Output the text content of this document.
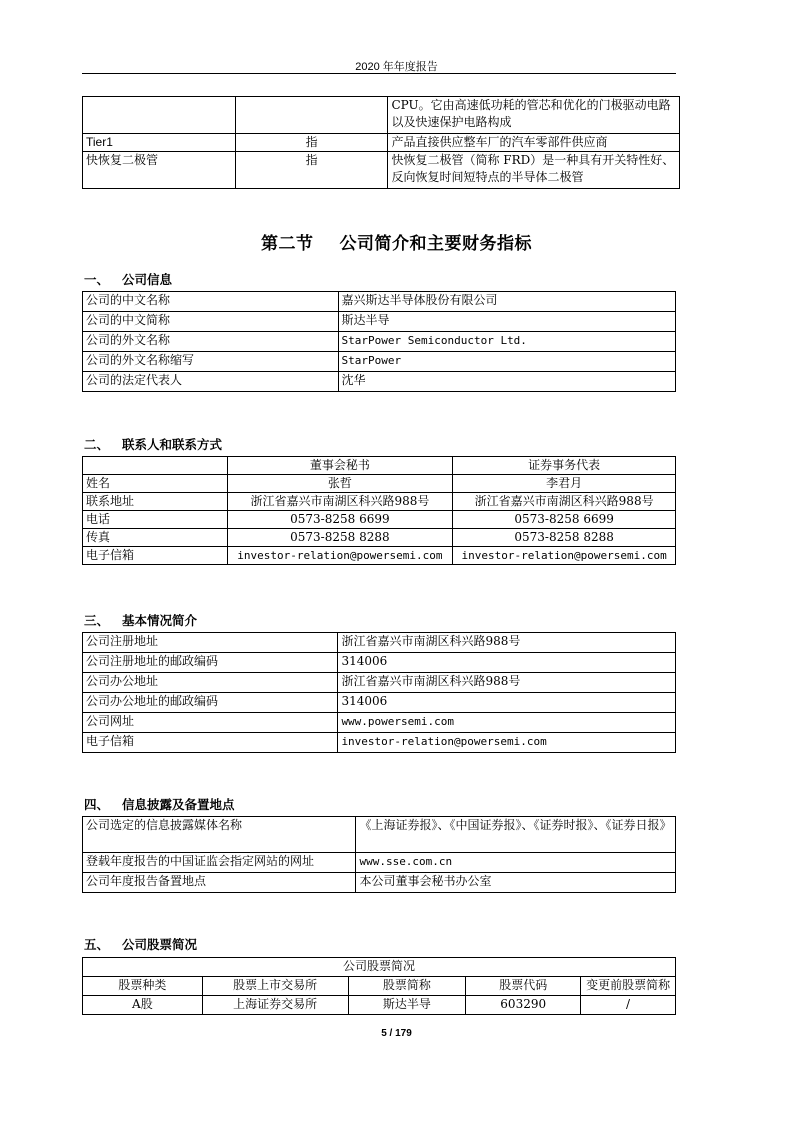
2020 年年度报告
		CPU。它由高速低功耗的管芯和优化的门极驱动电路以及快速保护电路构成
Tier1	指	产品直接供应整车厂的汽车零部件供应商
快恢复二极管	指	快恢复二极管（简称 FRD）是一种具有开关特性好、反向恢复时间短特点的半导体二极管
第二节 公司简介和主要财务指标
一、 公司信息
公司的中文名称	嘉兴斯达半导体股份有限公司
公司的中文简称	斯达半导
公司的外文名称	StarPower Semiconductor Ltd.
公司的外文名称缩写	StarPower
公司的法定代表人	沈华
二、 联系人和联系方式
	董事会秘书	证券事务代表
姓名	张哲	李君月
联系地址	浙江省嘉兴市南湖区科兴路988号	浙江省嘉兴市南湖区科兴路988号
电话	0573-8258 6699	0573-8258 6699
传真	0573-8258 8288	0573-8258 8288
电子信箱	investor-relation@powersemi.com	investor-relation@powersemi.com
三、 基本情况简介
公司注册地址	浙江省嘉兴市南湖区科兴路988号
公司注册地址的邮政编码	314006
公司办公地址	浙江省嘉兴市南湖区科兴路988号
公司办公地址的邮政编码	314006
公司网址	www.powersemi.com
电子信箱	investor-relation@powersemi.com
四、 信息披露及备置地点
公司选定的信息披露媒体名称	《上海证券报》、《中国证券报》、《证券时报》、《证券日报》
登载年度报告的中国证监会指定网站的网址	www.sse.com.cn
公司年度报告备置地点	本公司董事会秘书办公室
五、 公司股票简况
公司股票简况				
股票种类	股票上市交易所	股票简称	股票代码	变更前股票简称
A股	上海证券交易所	斯达半导	603290	/
5 / 179
